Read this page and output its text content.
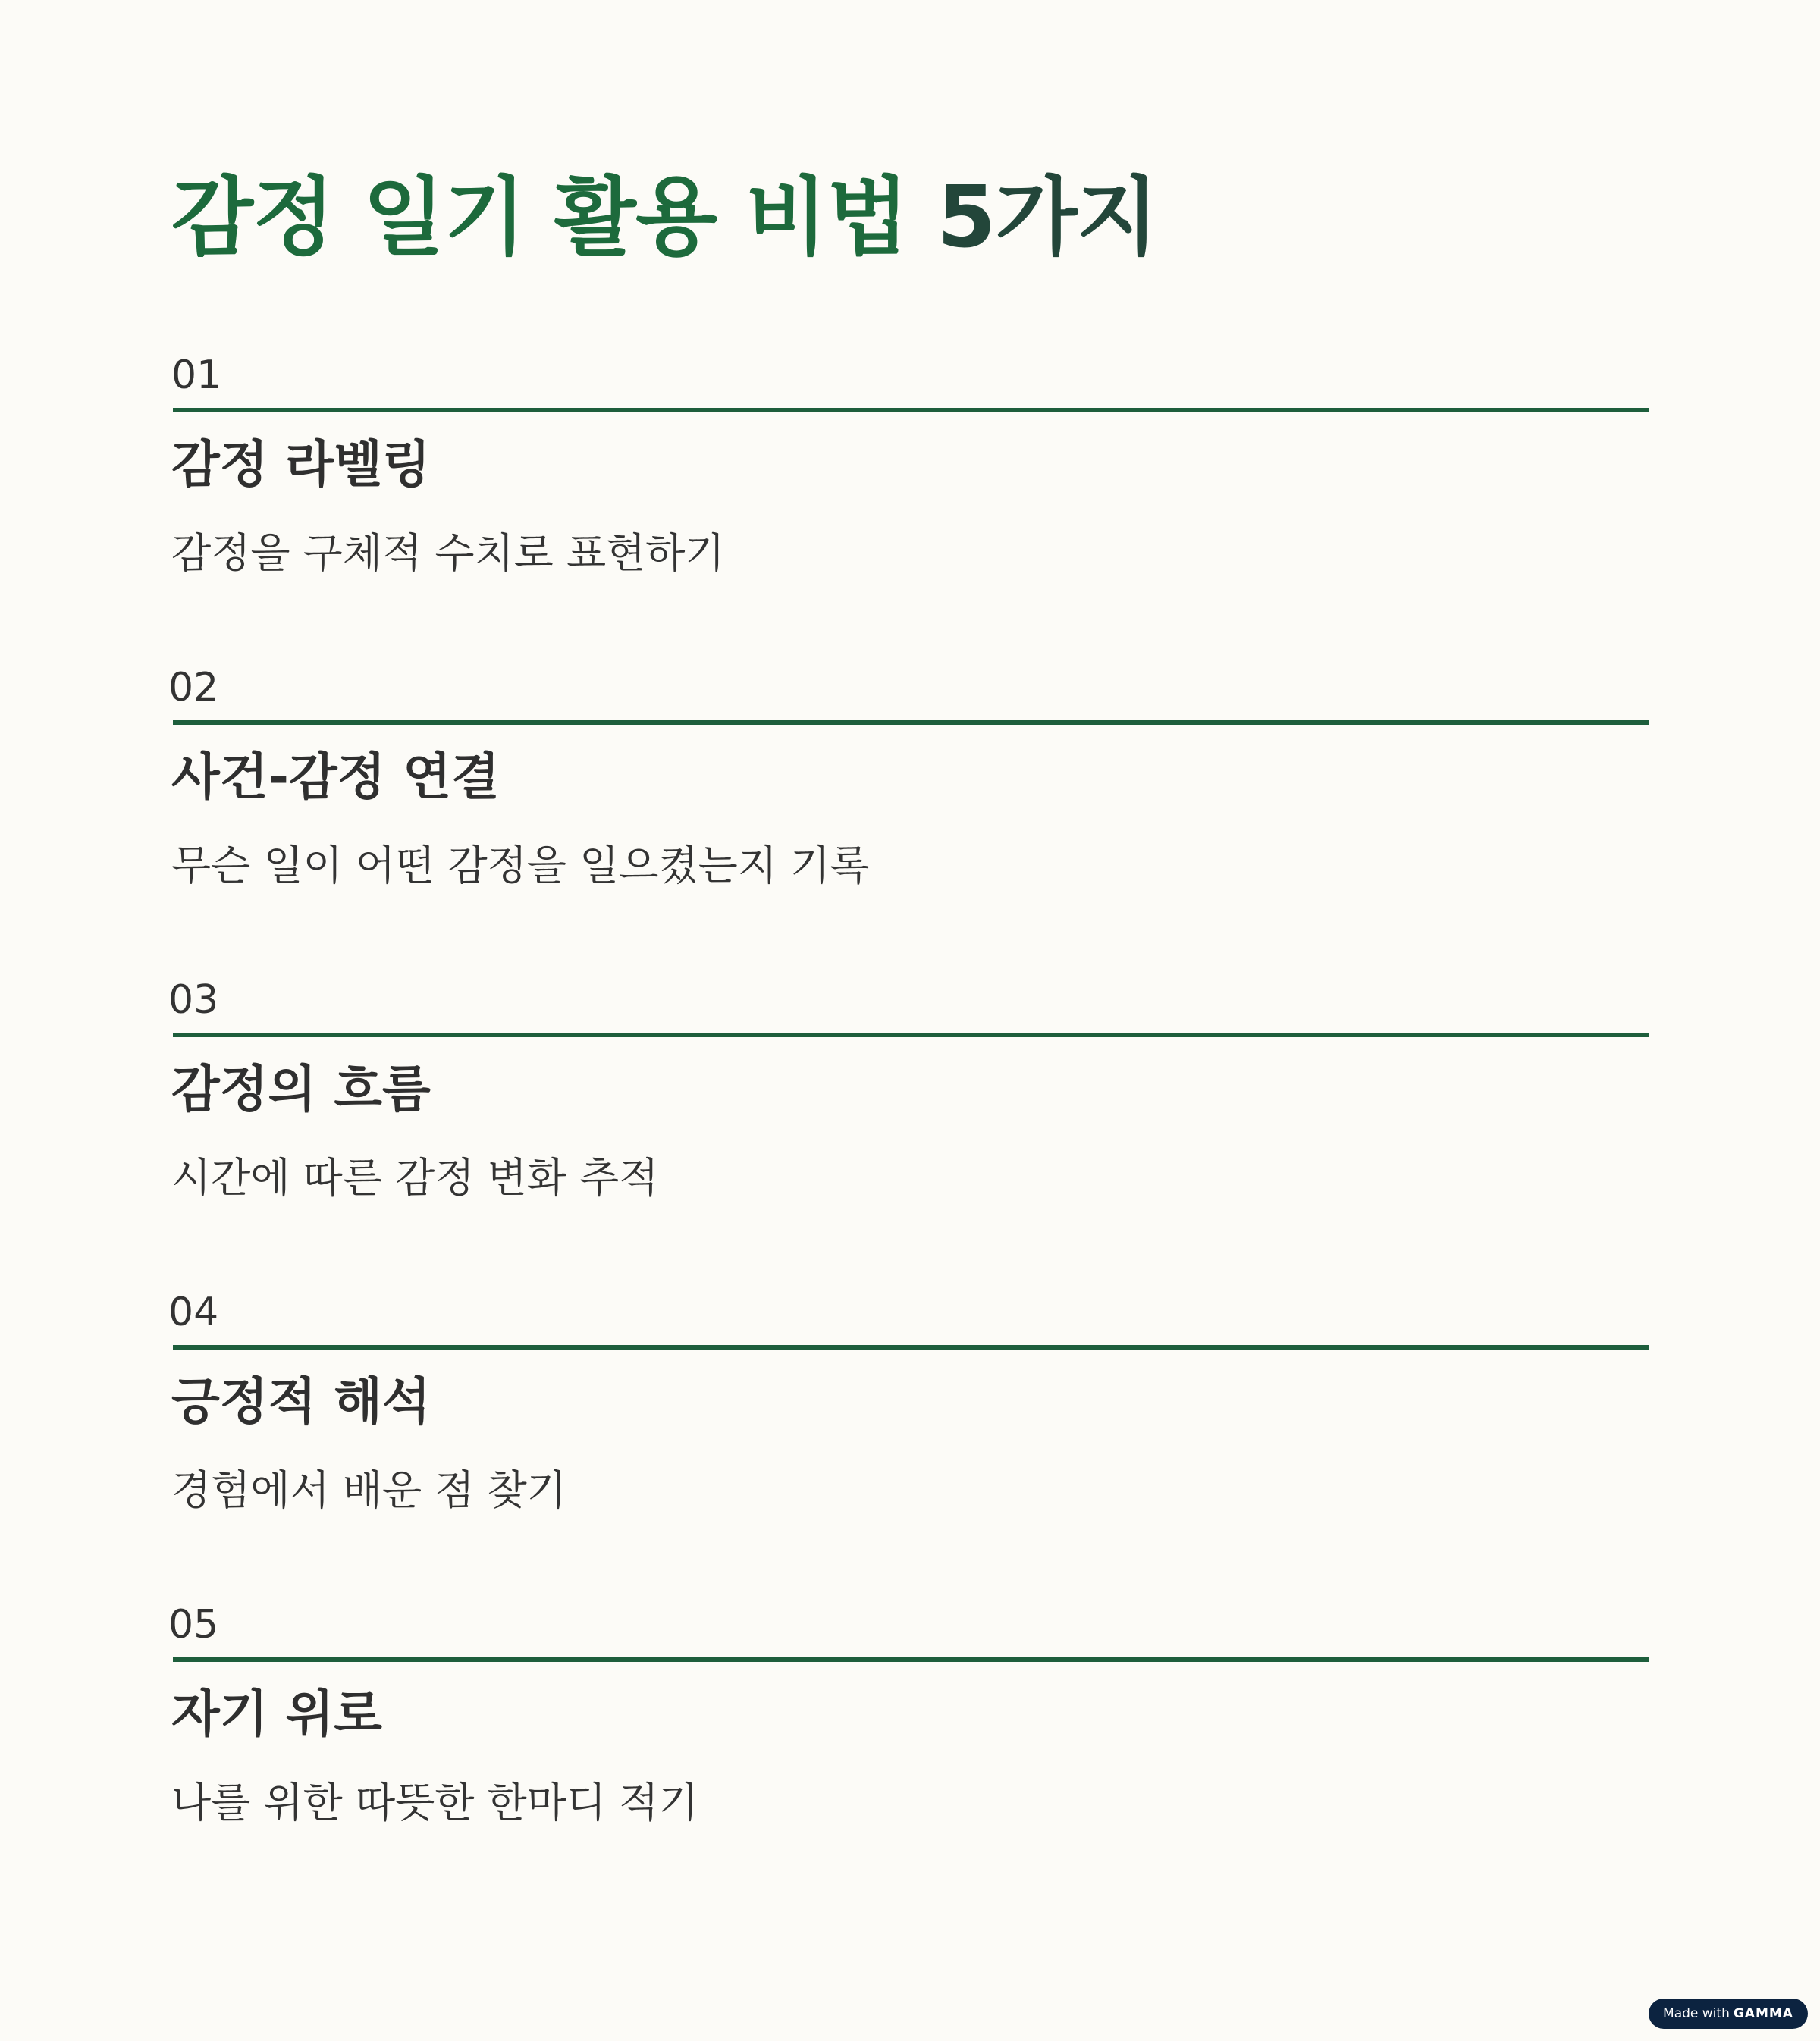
감정 일기 활용 비법 5가지
01
감정 라벨링
감정을 구체적 수치로 표현하기
02
사건-감정 연결
무슨 일이 어떤 감정을 일으켰는지 기록
03
감정의 흐름
시간에 따른 감정 변화 추적
04
긍정적 해석
경험에서 배운 점 찾기
05
자기 위로
나를 위한 따뜻한 한마디 적기
Made with GAMMA
